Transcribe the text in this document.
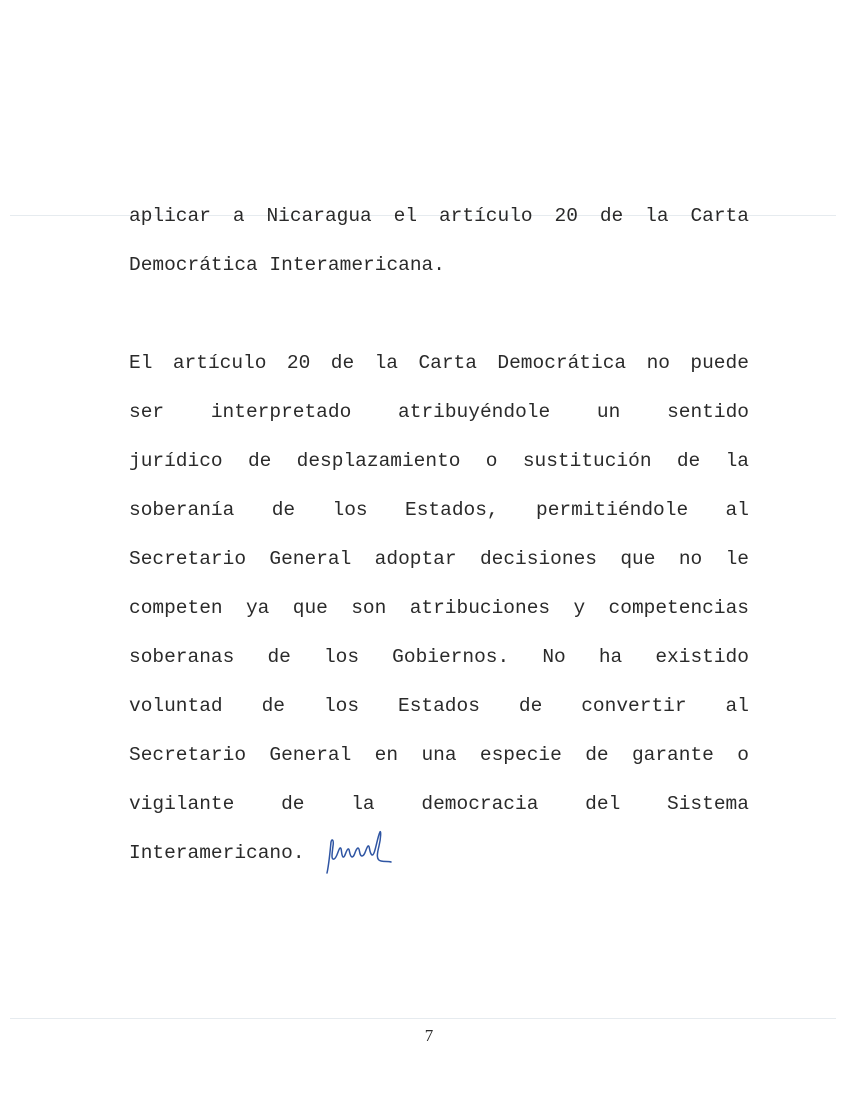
aplicar a Nicaragua el artículo 20 de la Carta
Democrática Interamericana.
El artículo 20 de la Carta Democrática no puede
ser interpretado atribuyéndole un sentido
jurídico de desplazamiento o sustitución de la
soberanía de los Estados, permitiéndole al
Secretario General adoptar decisiones que no le
competen ya que son atribuciones y competencias
soberanas de los Gobiernos. No ha existido
voluntad de los Estados de convertir al
Secretario General en una especie de garante o
vigilante de la democracia del Sistema
Interamericano.
7
